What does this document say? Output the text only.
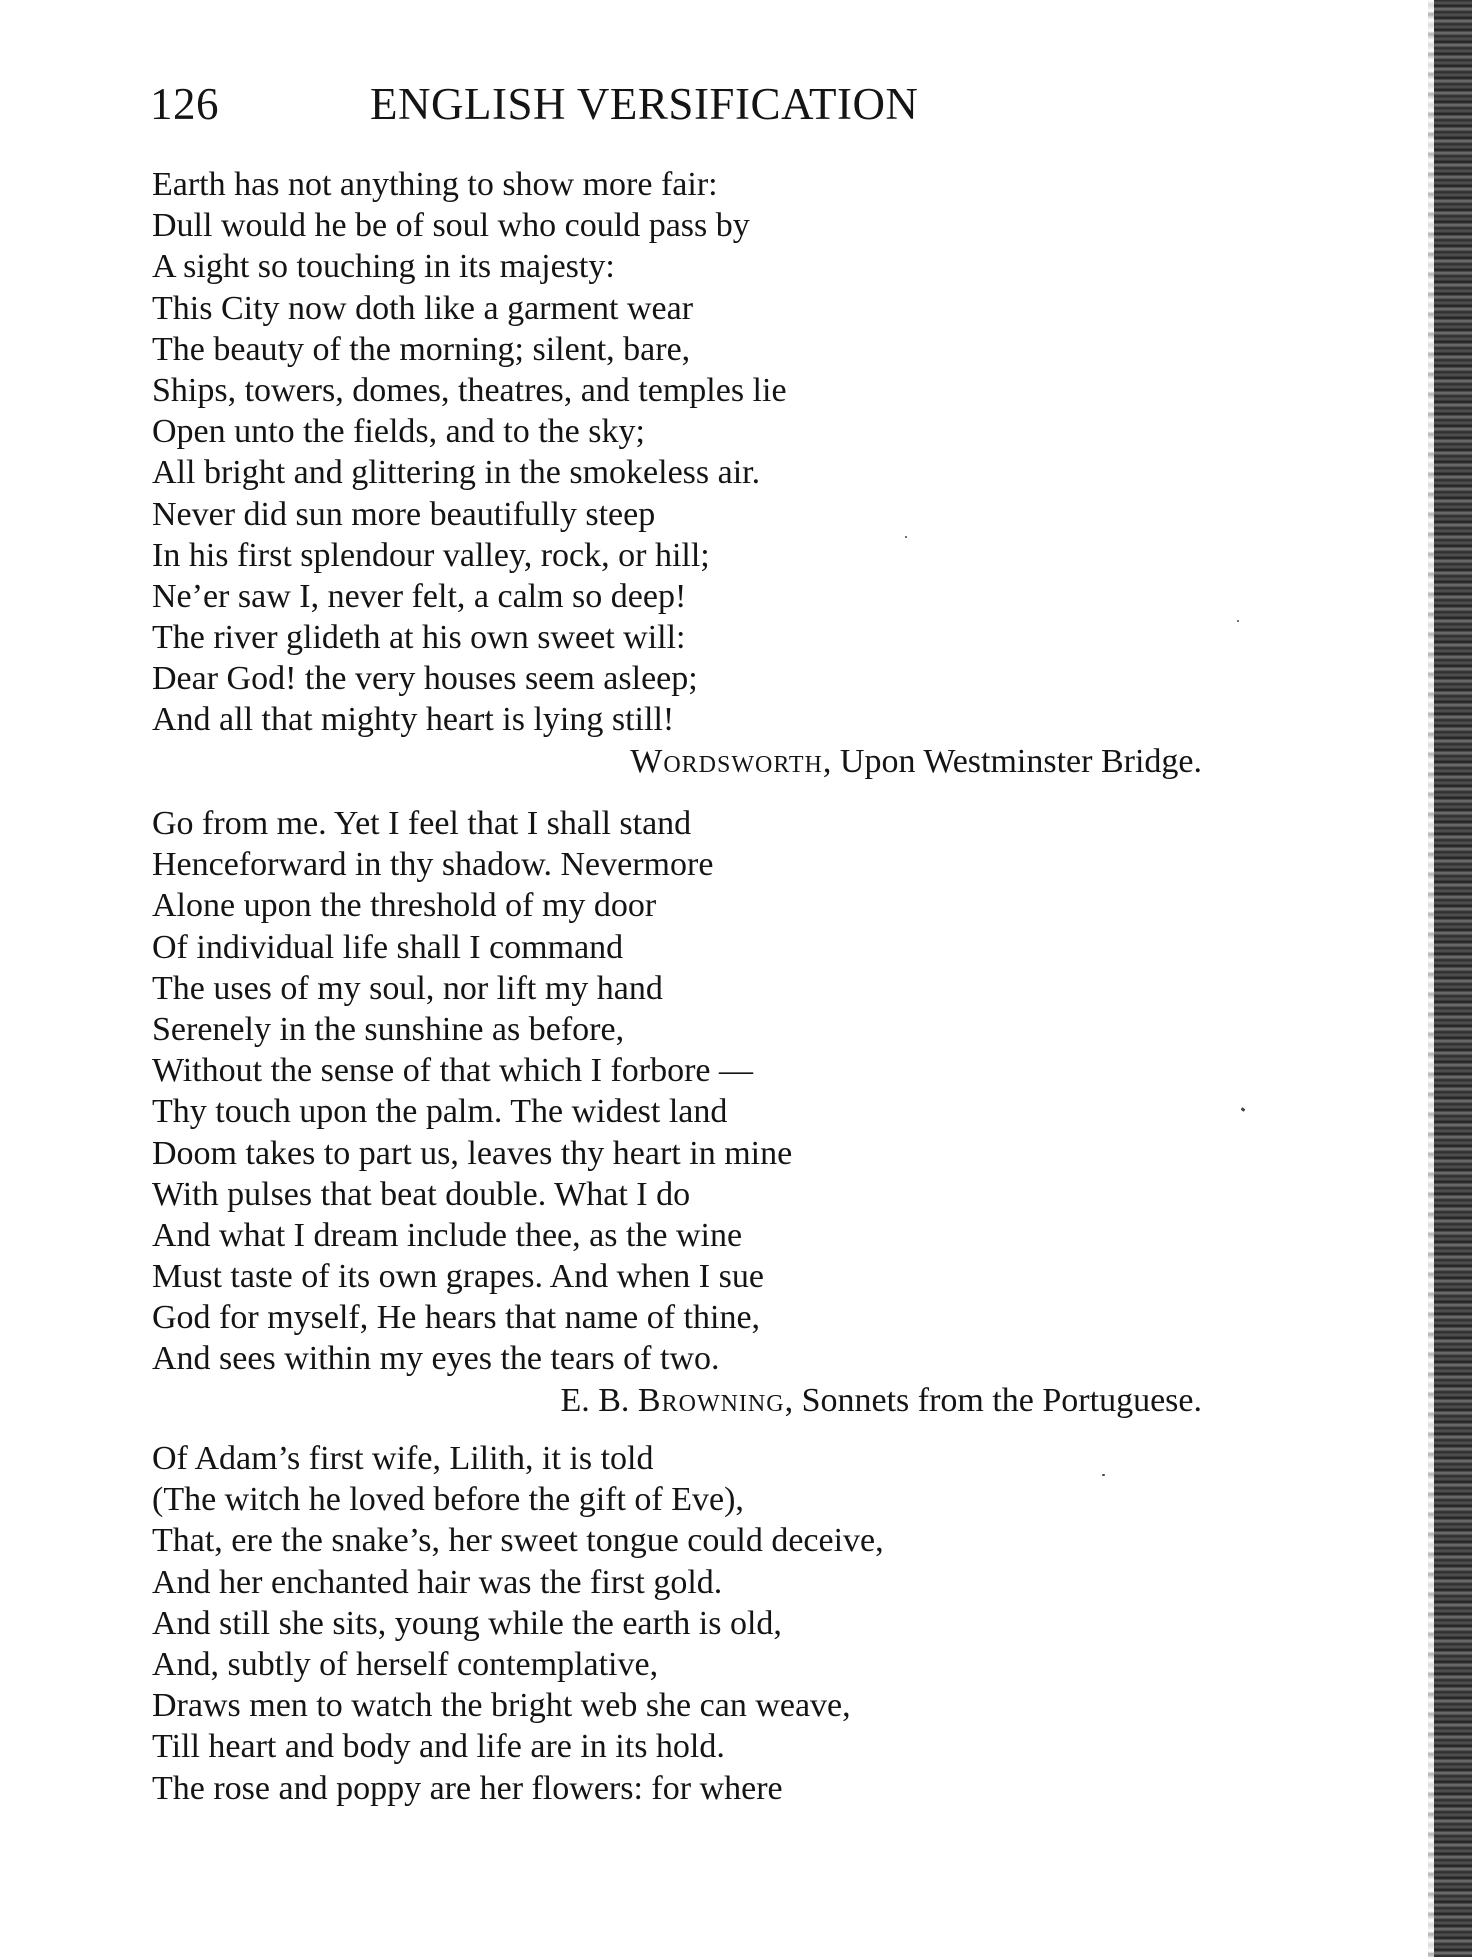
126	ENGLISH VERSIFICATION
Earth has not anything to show more fair:
Dull would he be of soul who could pass by
A sight so touching in its majesty:
This City now doth like a garment wear
The beauty of the morning; silent, bare,
Ships, towers, domes, theatres, and temples lie
Open unto the fields, and to the sky;
All bright and glittering in the smokeless air.
Never did sun more beautifully steep
In his first splendour valley, rock, or hill;
Ne’er saw I, never felt, a calm so deep!
The river glideth at his own sweet will:
Dear God! the very houses seem asleep;
And all that mighty heart is lying still!
Wordsworth, Upon Westminster Bridge.
Go from me. Yet I feel that I shall stand
Henceforward in thy shadow. Nevermore
Alone upon the threshold of my door
Of individual life shall I command
The uses of my soul, nor lift my hand
Serenely in the sunshine as before,
Without the sense of that which I forbore —
Thy touch upon the palm. The widest land
Doom takes to part us, leaves thy heart in mine
With pulses that beat double. What I do
And what I dream include thee, as the wine
Must taste of its own grapes. And when I sue
God for myself, He hears that name of thine,
And sees within my eyes the tears of two.
E. B. Browning, Sonnets from the Portuguese.
Of Adam’s first wife, Lilith, it is told
(The witch he loved before the gift of Eve),
That, ere the snake’s, her sweet tongue could deceive,
And her enchanted hair was the first gold.
And still she sits, young while the earth is old,
And, subtly of herself contemplative,
Draws men to watch the bright web she can weave,
Till heart and body and life are in its hold.
The rose and poppy are her flowers: for where
